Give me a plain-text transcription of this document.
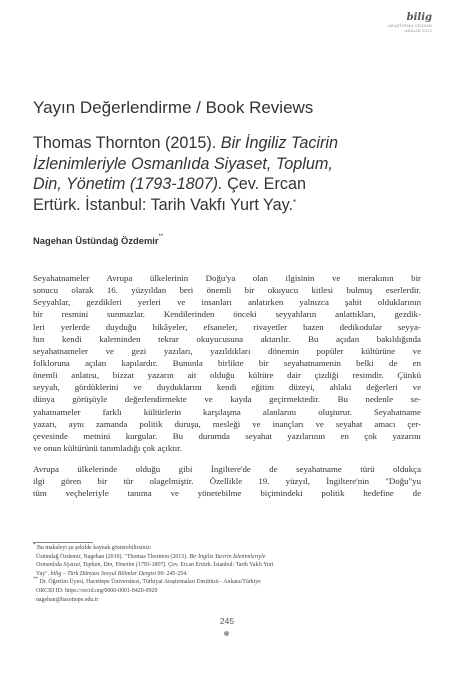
bilig
ARAŞTIRMA ORTAMI
ARALIK 2022
Yayın Değerlendirme / Book Reviews
Thomas Thornton (2015). Bir İngiliz Tacirin
İzlenimleriyle Osmanlıda Siyaset, Toplum,
Din, Yönetim (1793-1807). Çev. Ercan
Ertürk. İstanbul: Tarih Vakfı Yurt Yay.*
Nagehan Üstündağ Özdemir**
Seyahatnameler Avrupa ülkelerinin Doğu'ya olan ilgisinin ve merakının bir
sonucu olarak 16. yüzyıldan beri önemli bir okuyucu kitlesi bulmuş eserlerdir.
Seyyahlar, gezdikleri yerleri ve insanları anlatırken yalnızca şahit olduklarının
bir resmini sunmazlar. Kendilerinden önceki seyyahların anlattıkları, gezdik-
leri yerlerde duyduğu hikâyeler, efsaneler, rivayetler bazen dedikodular seyya-
hın kendi kaleminden tekrar okuyucusuna aktarılır. Bu açıdan bakıldığında
seyahatnameler ve gezi yazıları, yazıldıkları dönemin popüler kültürüne ve
folkloruna açılan kapılardır. Bununla birlikte bir seyahatnamenin belki de en
önemli anlatısı, bizzat yazarın ait olduğu kültüre dair çizdiği resimdir. Çünkü
seyyah, gördüklerini ve duyduklarını kendi eğitim düzeyi, ahlaki değerleri ve
dünya görüşüyle değerlendirmekte ve kayda geçirmektedir. Bu nedenle se-
yahatnameler farklı kültürlerin karşılaşma alanlarını oluşturur. Seyahatname
yazarı, aynı zamanda politik duruşu, mesleği ve inançları ve seyahat amacı çer-
çevesinde metnini kurgular. Bu durumda seyahat yazılarının en çok yazarını
ve onun kültürünü tanımladığı çok açıktır.
Avrupa ülkelerinde olduğu gibi İngiltere'de de seyahatname türü oldukça
ilgi gören bir tür olagelmiştir. Özellikle 19. yüzyıl, İngiltere'nin "Doğu"yu
tüm veçheleriyle tanıma ve yönetebilme biçimindeki politik hedefine de
* Bu makaleyi şu şekilde kaynak gösterebilirsiniz:
Üstündağ Özdemir, Nagehan (2019). "Thomas Thornton (2015). Bir İngiliz Tacirin İzlenimleriyle
Osmanlıda Siyaset, Toplum, Din, Yönetim (1793-1807). Çev. Ercan Ertürk. İstanbul: Tarih Vakfı Yurt
Yay". bilig – Türk Dünyası Sosyal Bilimler Dergisi 90: 245-254.
** Dr. Öğretim Üyesi, Hacettepe Üniversitesi, Türkiyat Araştırmaları Enstitüsü - Ankara/Türkiye
ORCID ID: https://orcid.org/0000-0001-8420-0920
nagehan@hacettepe.edu.tr
245
